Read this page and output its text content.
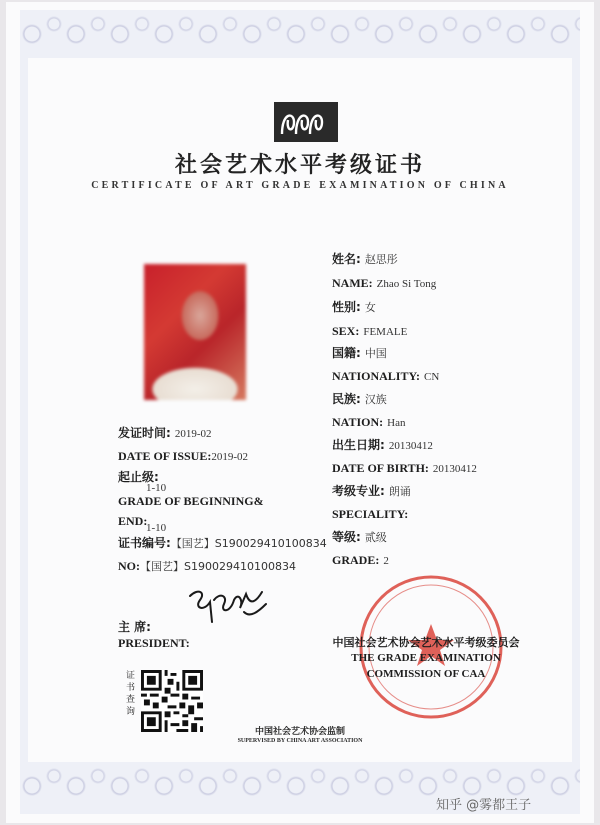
社会艺术水平考级证书
CERTIFICATE OF ART GRADE EXAMINATION OF CHINA
姓名: 赵思彤
NAME: Zhao Si Tong
性别: 女
SEX: FEMALE
国籍: 中国
NATIONALITY: CN
民族: 汉族
NATION: Han
出生日期: 20130412
DATE OF BIRTH: 20130412
考级专业: 朗诵
SPECIALITY:
等级: 贰级
GRADE: 2
发证时间: 2019-02
DATE OF ISSUE:2019-02
起止级:
1-10
GRADE OF BEGINNING&
END:
1-10
证书编号:【国艺】S190029410100834
NO:【国艺】S190029410100834
主 席:
PRESIDENT:	中国社会艺术协会艺术水平考级委员会
THE GRADE EXAMINATION
COMMISSION OF CAA
证书查询
中国社会艺术协会监制
SUPERVISED BY CHINA ART ASSOCIATION
知乎 @雾都王子
